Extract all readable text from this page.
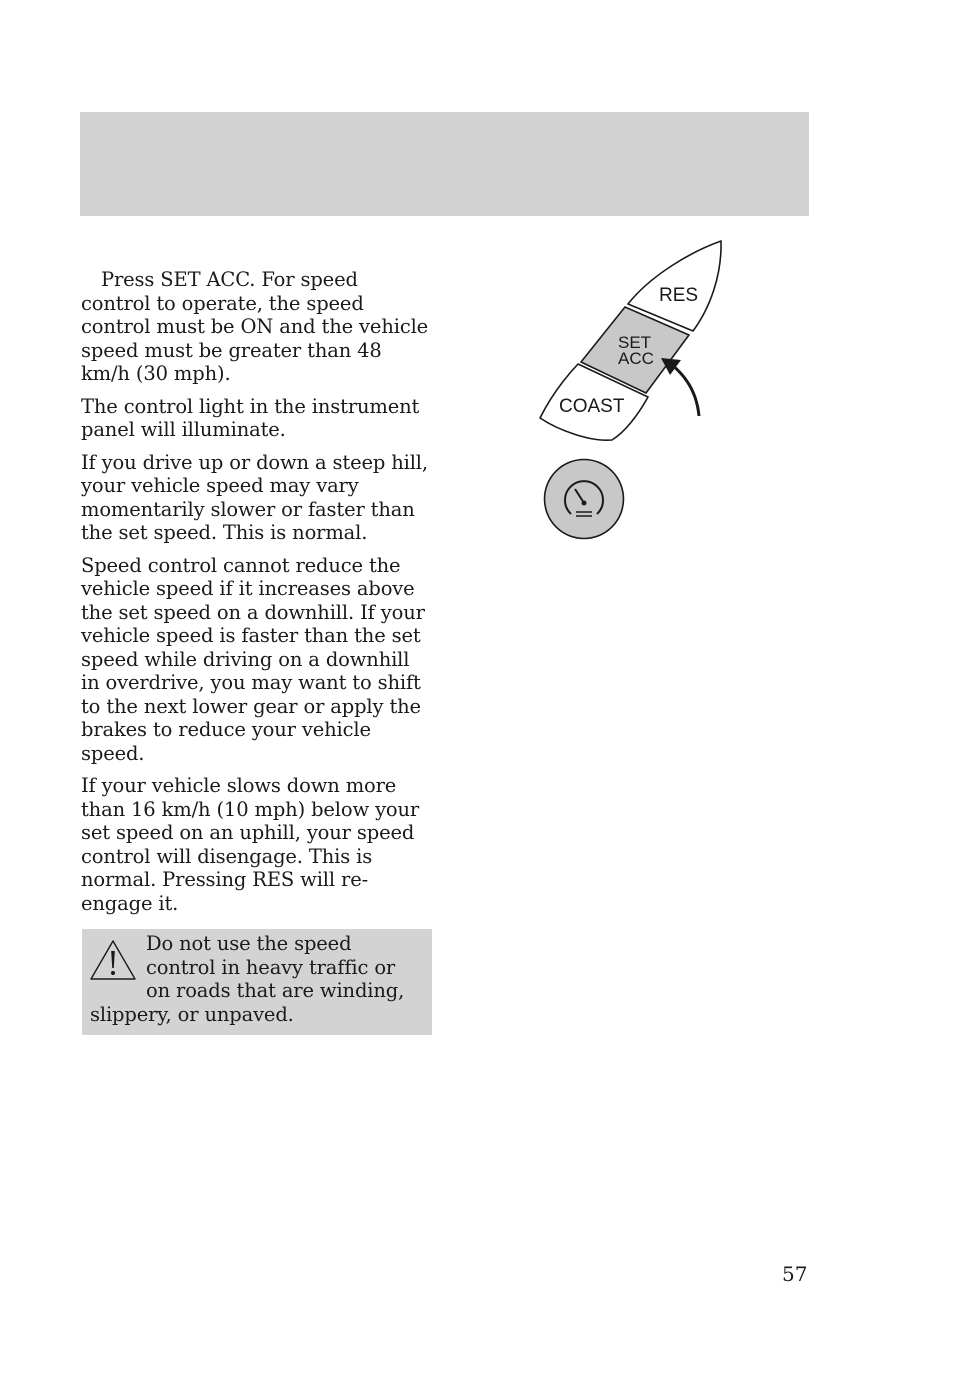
Press SET ACC. For speed control to operate, the speed control must be ON and the vehicle speed must be greater than 48 km/h (30 mph).

The control light in the instrument panel will illuminate.

If you drive up or down a steep hill, your vehicle speed may vary momentarily slower or faster than the set speed. This is normal.

Speed control cannot reduce the vehicle speed if it increases above the set speed on a downhill. If your vehicle speed is faster than the set speed while driving on a downhill in overdrive, you may want to shift to the next lower gear or apply the brakes to reduce your vehicle speed.

If your vehicle slows down more than 16 km/h (10 mph) below your set speed on an uphill, your speed control will disengage. This is normal. Pressing RES will re-engage it.

Do not use the speed control in heavy traffic or on roads that are winding, slippery, or unpaved.
RES
SET
ACC
COAST
57
